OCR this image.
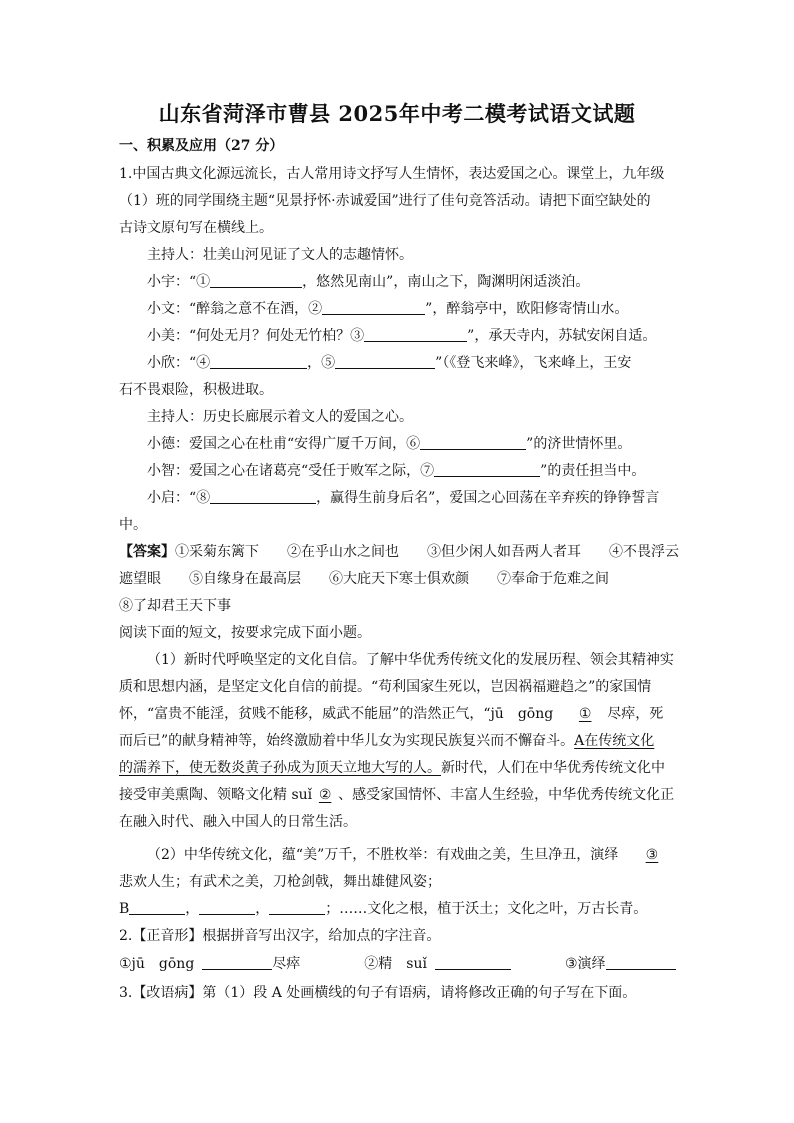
山东省菏泽市曹县 2025年中考二模考试语文试题
一、积累及应用（27 分）
1.中国古典文化源远流长，古人常用诗文抒写人生情怀，表达爱国之心。课堂上，九年级
（1）班的同学围绕主题“见景抒怀·赤诚爱国”进行了佳句竞答活动。请把下面空缺处的
古诗文原句写在横线上。
主持人：壮美山河见证了文人的志趣情怀。
小宇：“①	，悠然见南山”，南山之下，陶渊明闲适淡泊。
小文：“醉翁之意不在酒，②	”，醉翁亭中，欧阳修寄情山水。
小美：“何处无月？何处无竹柏？③	”，承天寺内，苏轼安闲自适。
小欣：“④	，⑤	”（《登飞来峰》，飞来峰上，王安
石不畏艰险，积极进取。
主持人：历史长廊展示着文人的爱国之心。
小德：爱国之心在杜甫“安得广厦千万间，⑥	”的济世情怀里。
小智：爱国之心在诸葛亮“受任于败军之际，⑦	”的责任担当中。
小启：“⑧	，赢得生前身后名”，爱国之心回荡在辛弃疾的铮铮誓言
中。
【答案】①采菊东篱下 ②在乎山水之间也 ③但少闲人如吾两人者耳 ④不畏浮云
遮望眼 ⑤自缘身在最高层 ⑥大庇天下寒士俱欢颜 ⑦奉命于危难之间
⑧了却君王天下事
阅读下面的短文，按要求完成下面小题。
（1）新时代呼唤坚定的文化自信。了解中华优秀传统文化的发展历程、领会其精神实
质和思想内涵，是坚定文化自信的前提。“苟利国家生死以，岂因祸福避趋之”的家国情
怀，“富贵不能淫，贫贱不能移，威武不能屈”的浩然正气，“jū　gōng ① 尽瘁，死
而后已”的献身精神等，始终激励着中华儿女为实现民族复兴而不懈奋斗。A在传统文化
的濡养下，使无数炎黄子孙成为顶天立地大写的人。新时代，人们在中华优秀传统文化中
接受审美熏陶、领略文化精 suǐ ② 、感受家国情怀、丰富人生经验，中华优秀传统文化正
在融入时代、融入中国人的日常生活。
（2）中华传统文化，蕴“美”万千，不胜枚举：有戏曲之美，生旦净丑，演绎 ③
悲欢人生；有武术之美，刀枪剑戟，舞出雄健风姿；
B	，	，	；……文化之根，植于沃土；文化之叶，万古长青。
2.【正音形】根据拼音写出汉字，给加点的字注音。
①jū　gōng	尽瘁	②精　suǐ	③演绎
3.【改语病】第（1）段 A 处画横线的句子有语病，请将修改正确的句子写在下面。
